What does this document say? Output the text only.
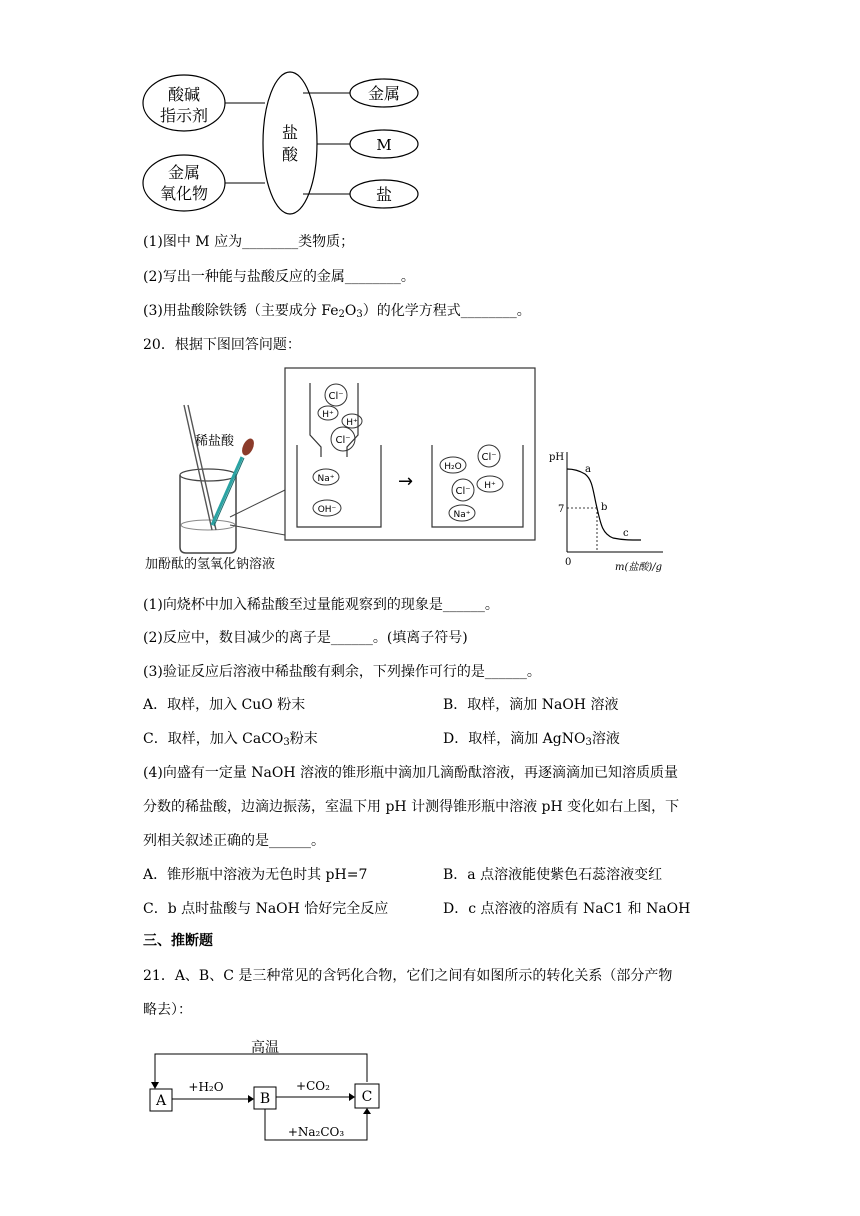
酸碱
指示剂
金属
氧化物
盐
酸
金属
M
盐
(1)图中 M 应为________类物质；
(2)写出一种能与盐酸反应的金属________。
(3)用盐酸除铁锈（主要成分 $Fe_2O_3$）的化学方程式________。
20．根据下图回答问题：
稀盐酸
加酚酞的氢氧化钠溶液
→
Cl⁻
H⁺
H⁺
Cl⁻
Na⁺
OH⁻
H₂O
Cl⁻
H⁺
Cl⁻
Na⁺
pH
7
0	m(盐酸)/g
a
b
c
(1)向烧杯中加入稀盐酸至过量能观察到的现象是______。
(2)反应中，数目减少的离子是______。(填离子符号)
(3)验证反应后溶液中稀盐酸有剩余，下列操作可行的是______。
A．取样，加入 CuO 粉末	B．取样，滴加 NaOH 溶液
C．取样，加入 CaCO$_3$粉末	D．取样，滴加 AgNO$_3$溶液
(4)向盛有一定量 NaOH 溶液的锥形瓶中滴加几滴酚酞溶液，再逐滴滴加已知溶质质量
分数的稀盐酸，边滴边振荡，室温下用 pH 计测得锥形瓶中溶液 pH 变化如右上图，下
列相关叙述正确的是______。
A．锥形瓶中溶液为无色时其 pH=7	B．a 点溶液能使紫色石蕊溶液变红
C．b 点时盐酸与 NaOH 恰好完全反应	D．c 点溶液的溶质有 NaC1 和 NaOH
三、推断题
21．A、B、C 是三种常见的含钙化合物，它们之间有如图所示的转化关系（部分产物
略去）：
高温
A	B	C
+H₂O	+CO₂
+Na₂CO₃
